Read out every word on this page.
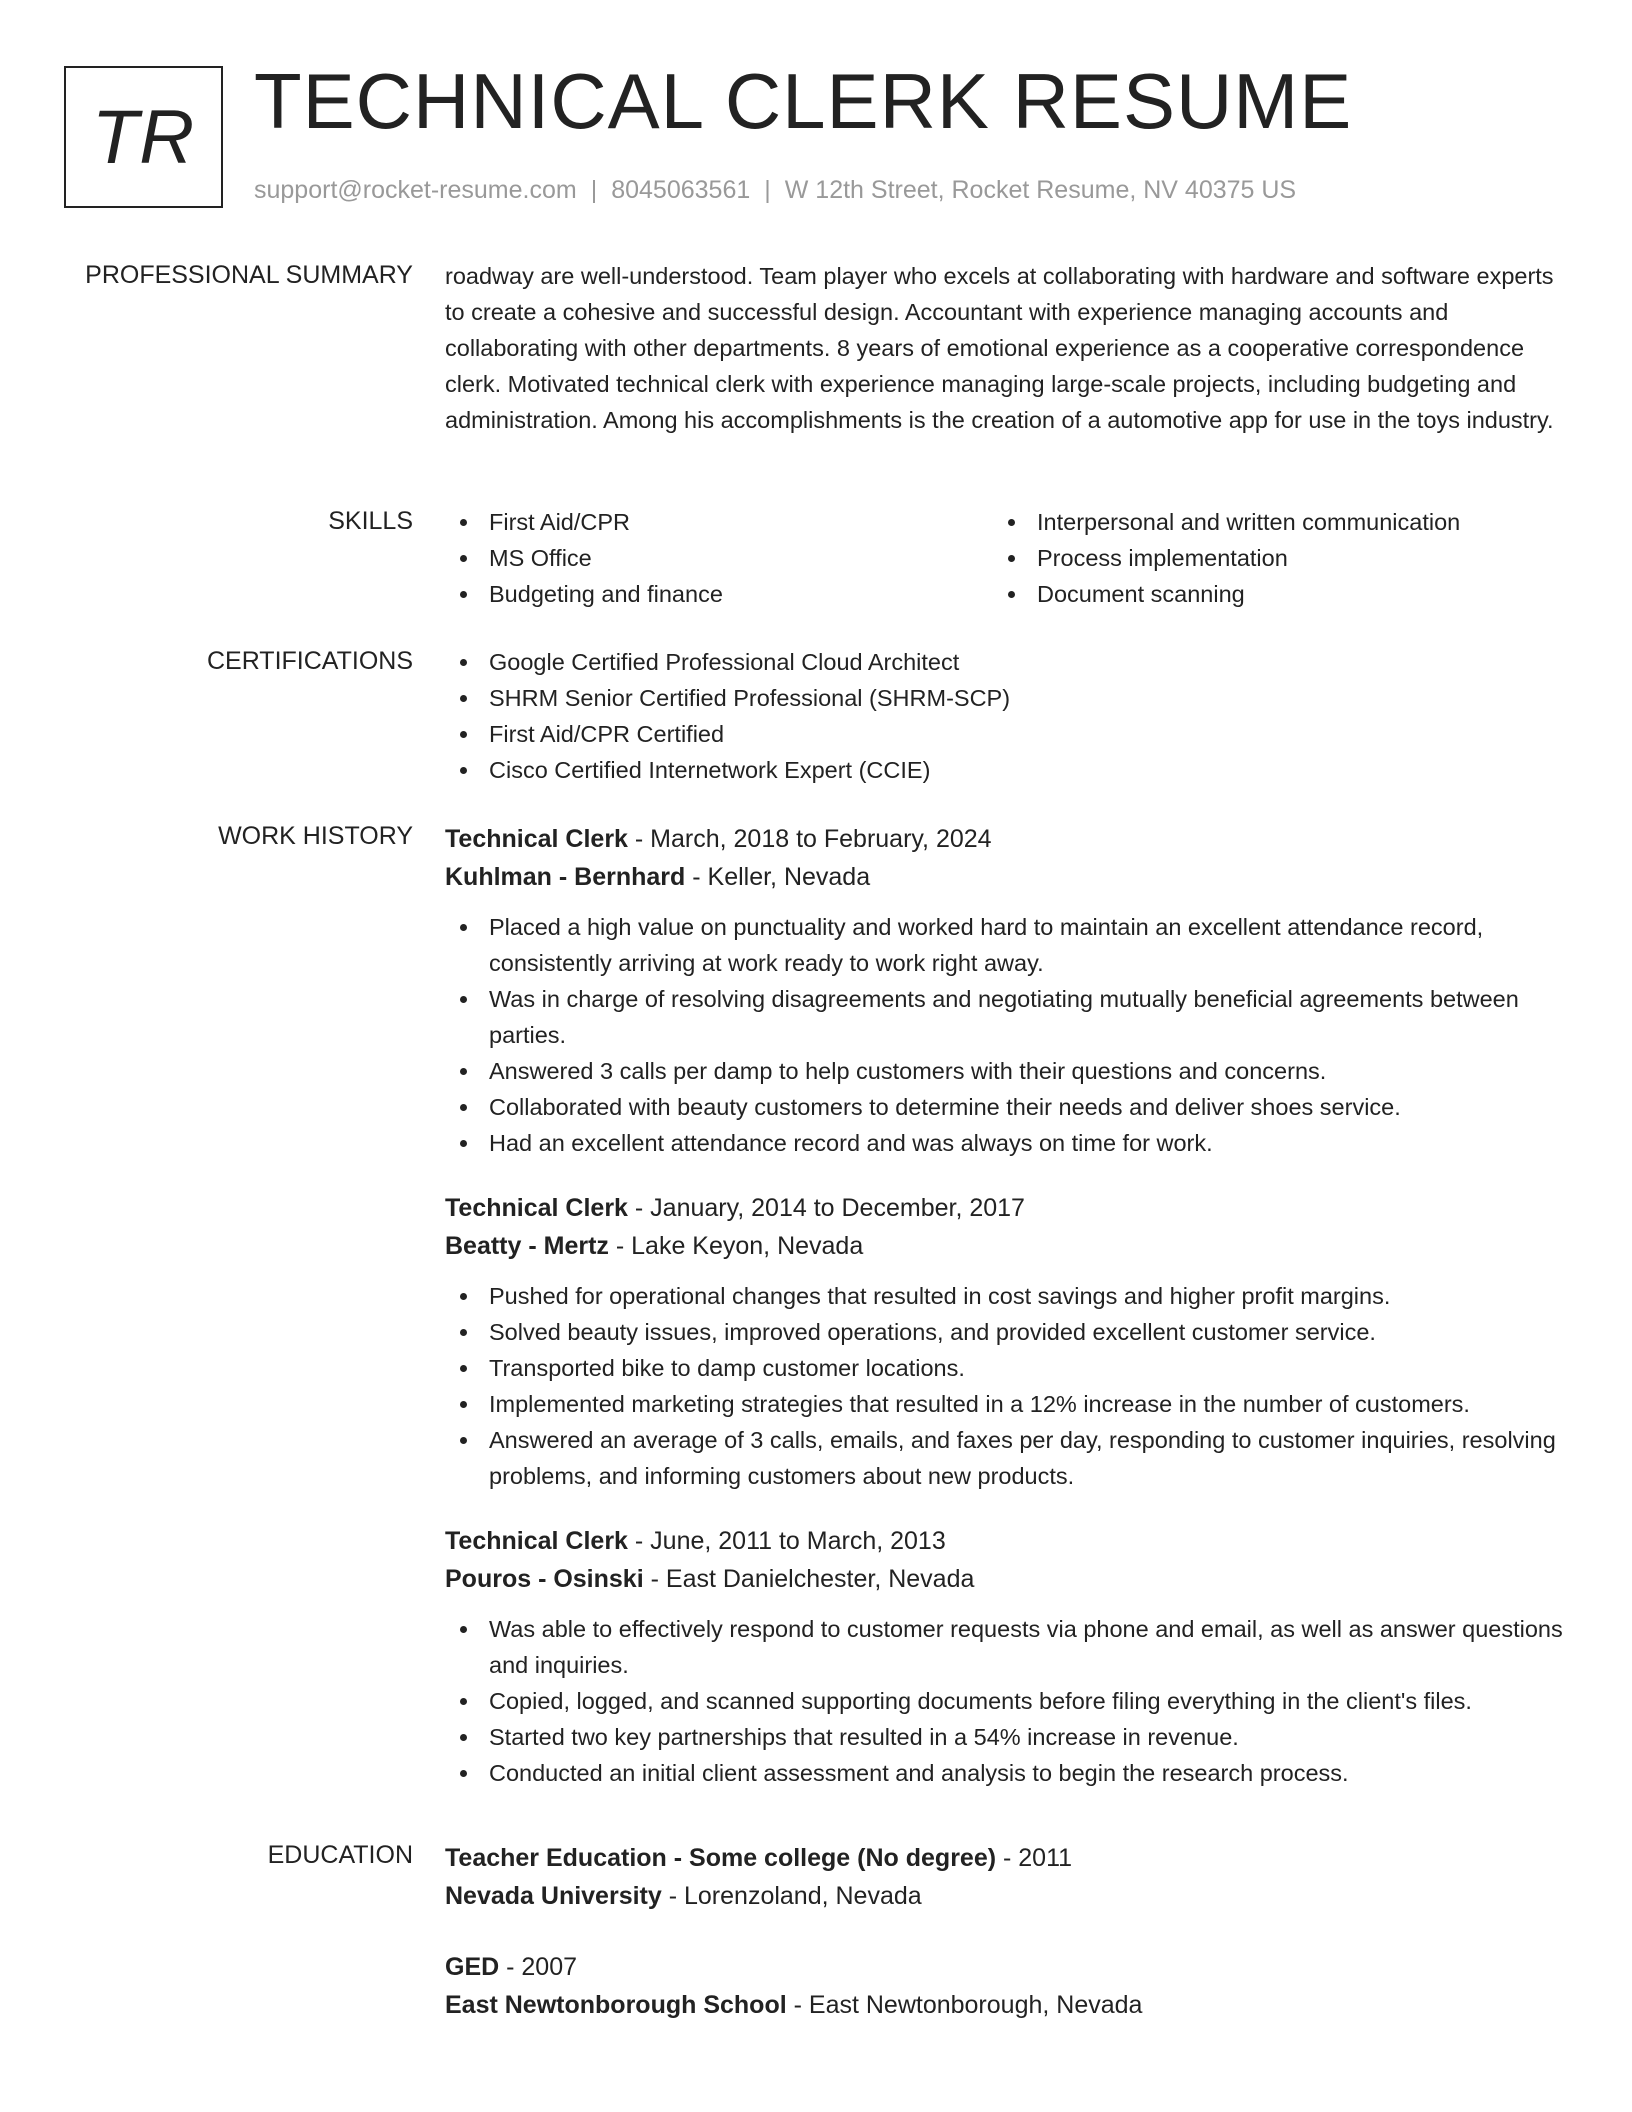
TR TECHNICAL CLERK RESUME
support@rocket-resume.com | 8045063561 | W 12th Street, Rocket Resume, NV 40375 US
PROFESSIONAL SUMMARY roadway are well-understood. Team player who excels at collaborating with hardware and software experts to create a cohesive and successful design. Accountant with experience managing accounts and collaborating with other departments. 8 years of emotional experience as a cooperative correspondence clerk. Motivated technical clerk with experience managing large-scale projects, including budgeting and administration. Among his accomplishments is the creation of a automotive app for use in the toys industry.
SKILLS	First Aid/CPR
MS Office
Budgeting and finance
Interpersonal and written communication
Process implementation
Document scanning
CERTIFICATIONS	Google Certified Professional Cloud Architect
SHRM Senior Certified Professional (SHRM-SCP)
First Aid/CPR Certified
Cisco Certified Internetwork Expert (CCIE)
WORK HISTORY Technical Clerk - March, 2018 to February, 2024
Kuhlman - Bernhard - Keller, Nevada
Placed a high value on punctuality and worked hard to maintain an excellent attendance record, consistently arriving at work ready to work right away.
Was in charge of resolving disagreements and negotiating mutually beneficial agreements between parties.
Answered 3 calls per damp to help customers with their questions and concerns.
Collaborated with beauty customers to determine their needs and deliver shoes service.
Had an excellent attendance record and was always on time for work.
Technical Clerk - January, 2014 to December, 2017
Beatty - Mertz - Lake Keyon, Nevada
Pushed for operational changes that resulted in cost savings and higher profit margins.
Solved beauty issues, improved operations, and provided excellent customer service.
Transported bike to damp customer locations.
Implemented marketing strategies that resulted in a 12% increase in the number of customers.
Answered an average of 3 calls, emails, and faxes per day, responding to customer inquiries, resolving problems, and informing customers about new products.
Technical Clerk - June, 2011 to March, 2013
Pouros - Osinski - East Danielchester, Nevada
Was able to effectively respond to customer requests via phone and email, as well as answer questions and inquiries.
Copied, logged, and scanned supporting documents before filing everything in the client's files.
Started two key partnerships that resulted in a 54% increase in revenue.
Conducted an initial client assessment and analysis to begin the research process.
EDUCATION Teacher Education - Some college (No degree) - 2011
Nevada University - Lorenzoland, Nevada
GED - 2007
East Newtonborough School - East Newtonborough, Nevada
